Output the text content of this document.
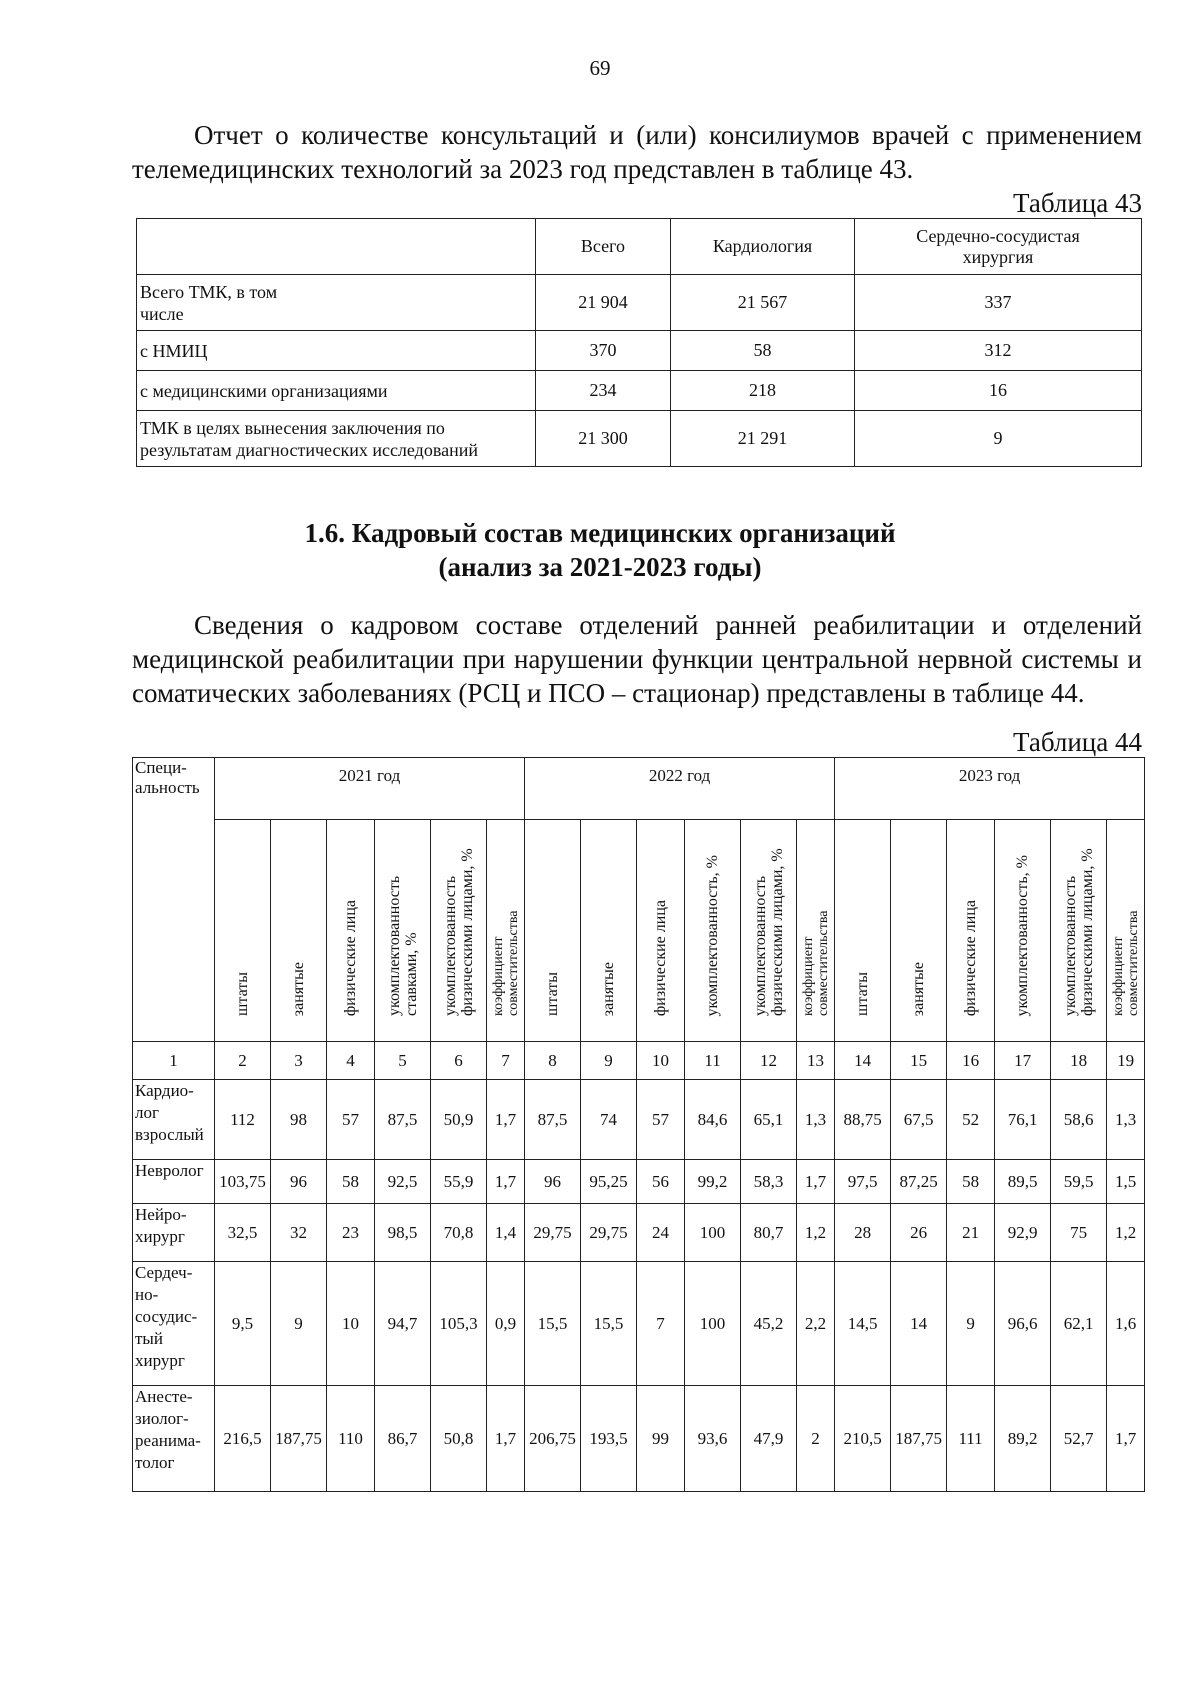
69

Отчет о количестве консультаций и (или) консилиумов врачей с применением телемедицинских технологий за 2023 год представлен в таблице 43.

Таблица 43
	Всего	Кардиология	Сердечно-сосудистая хирургия

Всего ТМК, в том числе	21 904	21 567	337
с НМИЦ	370	58	312
с медицинскими организациями	234	218	16
ТМК в целях вынесения заключения по результатам диагностических исследований	21 300	21 291	9
1.6. Кадровый состав медицинских организаций
(анализ за 2021-2023 годы)

Сведения о кадровом составе отделений ранней реабилитации и отделений медицинской реабилитации при нарушении функции центральной нервной системы и соматических заболеваниях (РСЦ и ПСО – стационар) представлены в таблице 44.

Таблица 44
Специ-альность	2021 год						2022 год						2023 год					
	штаты	занятые	физические лица	укомплектованность ставками, %	укомплектованность физическими лицами, %	коэффициент совместительства	штаты	занятые	физические лица	укомплектованность, %	укомплектованность физическими лицами, %	коэффициент совместительства	штаты	занятые	физические лица	укомплектованность, %	укомплектованность физическими лицами, %	коэффициент совместительства
1	2	3	4	5	6	7	8	9	10	11	12	13	14	15	16	17	18	19

Кардио-лог взрослый	112	98	57	87,5	50,9	1,7	87,5	74	57	84,6	65,1	1,3	88,75	67,5	52	76,1	58,6	1,3

Невролог	103,75	96	58	92,5	55,9	1,7	96	95,25	56	99,2	58,3	1,7	97,5	87,25	58	89,5	59,5	1,5

Нейро-хирург	32,5	32	23	98,5	70,8	1,4	29,75	29,75	24	100	80,7	1,2	28	26	21	92,9	75	1,2

Сердеч-но-сосудис-тый хирург	9,5	9	10	94,7	105,3	0,9	15,5	15,5	7	100	45,2	2,2	14,5	14	9	96,6	62,1	1,6

Анесте-зиолог-реанима-толог	216,5	187,75	110	86,7	50,8	1,7	206,75	193,5	99	93,6	47,9	2	210,5	187,75	111	89,2	52,7	1,7
